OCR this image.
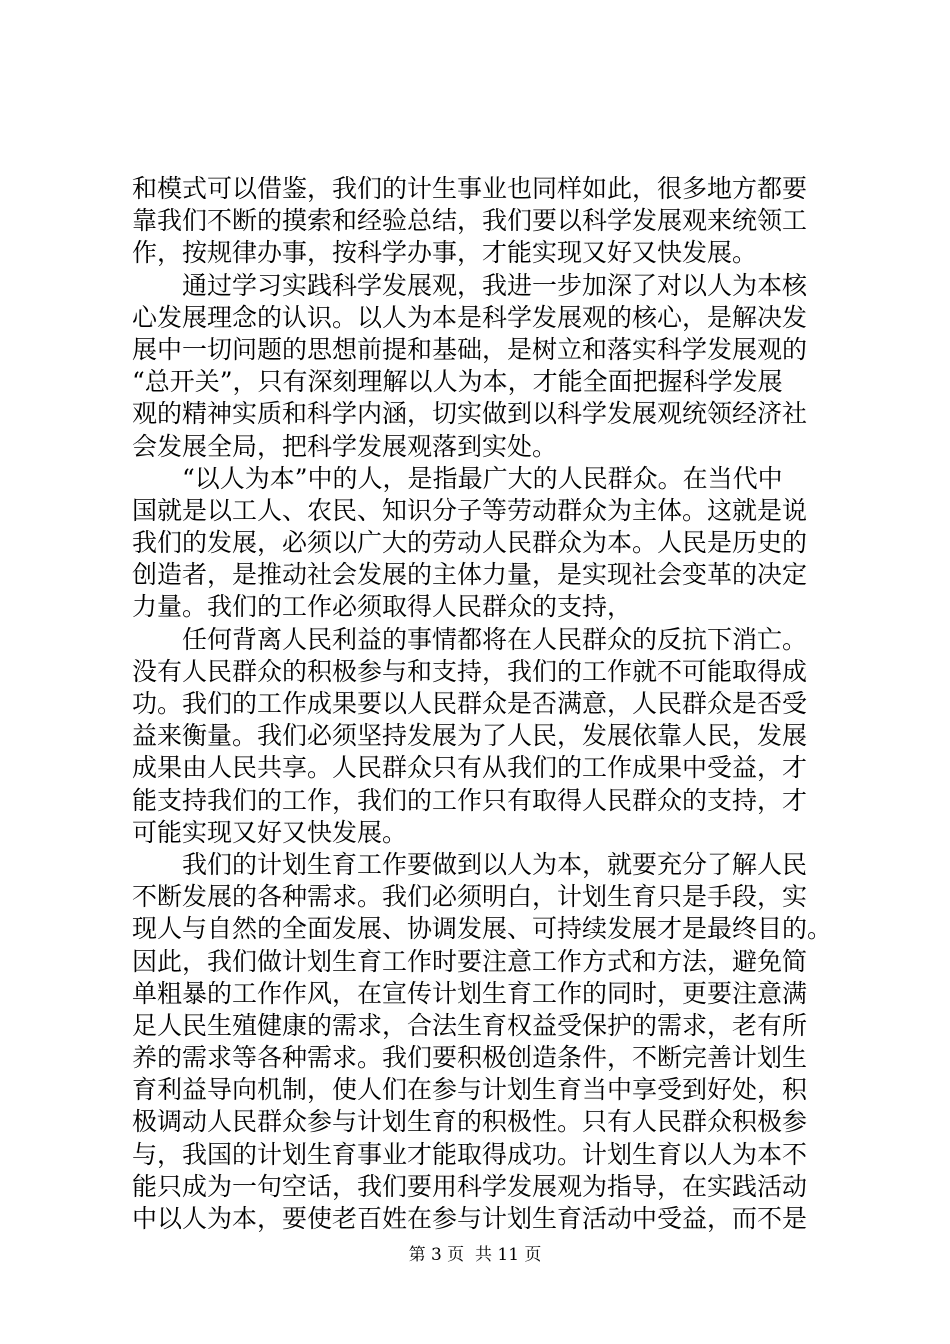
和模式可以借鉴，我们的计生事业也同样如此，很多地方都要
靠我们不断的摸索和经验总结，我们要以科学发展观来统领工
作，按规律办事，按科学办事，才能实现又好又快发展。
　　通过学习实践科学发展观，我进一步加深了对以人为本核
心发展理念的认识。以人为本是科学发展观的核心，是解决发
展中一切问题的思想前提和基础，是树立和落实科学发展观的
“总开关”，只有深刻理解以人为本，才能全面把握科学发展
观的精神实质和科学内涵，切实做到以科学发展观统领经济社
会发展全局，把科学发展观落到实处。
　　“以人为本”中的人，是指最广大的人民群众。在当代中
国就是以工人、农民、知识分子等劳动群众为主体。这就是说
我们的发展，必须以广大的劳动人民群众为本。人民是历史的
创造者，是推动社会发展的主体力量，是实现社会变革的决定
力量。我们的工作必须取得人民群众的支持，
　　任何背离人民利益的事情都将在人民群众的反抗下消亡。
没有人民群众的积极参与和支持，我们的工作就不可能取得成
功。我们的工作成果要以人民群众是否满意，人民群众是否受
益来衡量。我们必须坚持发展为了人民，发展依靠人民，发展
成果由人民共享。人民群众只有从我们的工作成果中受益，才
能支持我们的工作，我们的工作只有取得人民群众的支持，才
可能实现又好又快发展。
　　我们的计划生育工作要做到以人为本，就要充分了解人民
不断发展的各种需求。我们必须明白，计划生育只是手段，实
现人与自然的全面发展、协调发展、可持续发展才是最终目的。
因此，我们做计划生育工作时要注意工作方式和方法，避免简
单粗暴的工作作风，在宣传计划生育工作的同时，更要注意满
足人民生殖健康的需求，合法生育权益受保护的需求，老有所
养的需求等各种需求。我们要积极创造条件，不断完善计划生
育利益导向机制，使人们在参与计划生育当中享受到好处，积
极调动人民群众参与计划生育的积极性。只有人民群众积极参
与，我国的计划生育事业才能取得成功。计划生育以人为本不
能只成为一句空话，我们要用科学发展观为指导，在实践活动
中以人为本，要使老百姓在参与计划生育活动中受益，而不是
第 3 页  共 11 页
